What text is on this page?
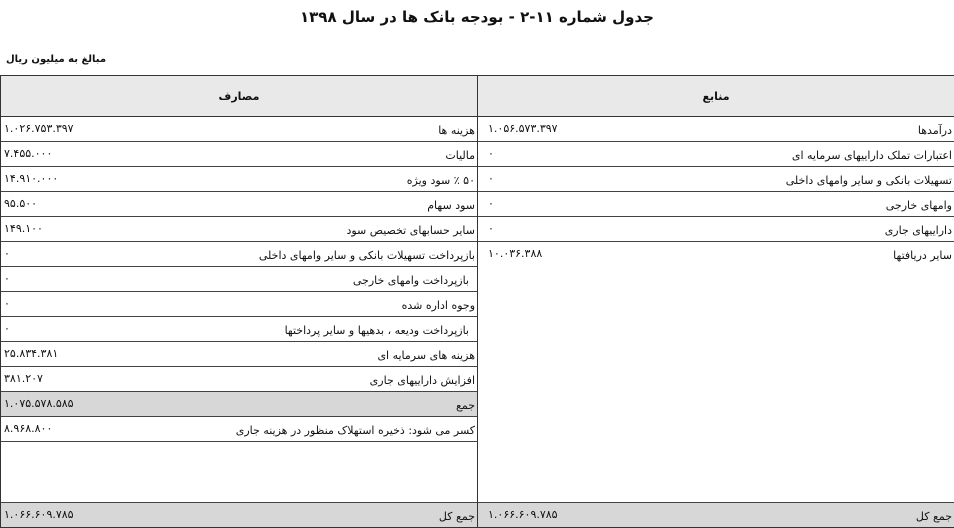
جدول شماره ۱۱-۲ - بودجه بانک ها در سال ۱۳۹۸
مبالغ به میلیون ریال
مصارف
هزینه ها
۱.۰۲۶.۷۵۳.۳۹۷
مالیات
۷.۴۵۵.۰۰۰
۵۰ ٪ سود ویژه
۱۴.۹۱۰.۰۰۰
سود سهام
۹۵.۵۰۰
سایر حسابهای تخصیص سود
۱۴۹.۱۰۰
بازپرداخت تسهیلات بانکی و سایر وامهای داخلی
۰
بازپرداخت وامهای خارجی
۰
وجوه اداره شده
۰
بازپرداخت ودیعه ، بدهیها و سایر پرداختها
۰
هزینه های سرمایه ای
۲۵.۸۳۴.۳۸۱
افزایش داراییهای جاری
۳۸۱.۲۰۷
جمع
۱.۰۷۵.۵۷۸.۵۸۵
کسر می شود: ذخیره استهلاک منظور در هزینه جاری
۸.۹۶۸.۸۰۰
جمع کل
۱.۰۶۶.۶۰۹.۷۸۵
منابع
درآمدها
۱.۰۵۶.۵۷۳.۳۹۷
اعتبارات تملک داراییهای سرمایه ای
۰
تسهیلات بانکی و سایر وامهای داخلی
۰
وامهای خارجی
۰
داراییهای جاری
۰
سایر دریافتها
۱۰.۰۳۶.۳۸۸
جمع کل
۱.۰۶۶.۶۰۹.۷۸۵
